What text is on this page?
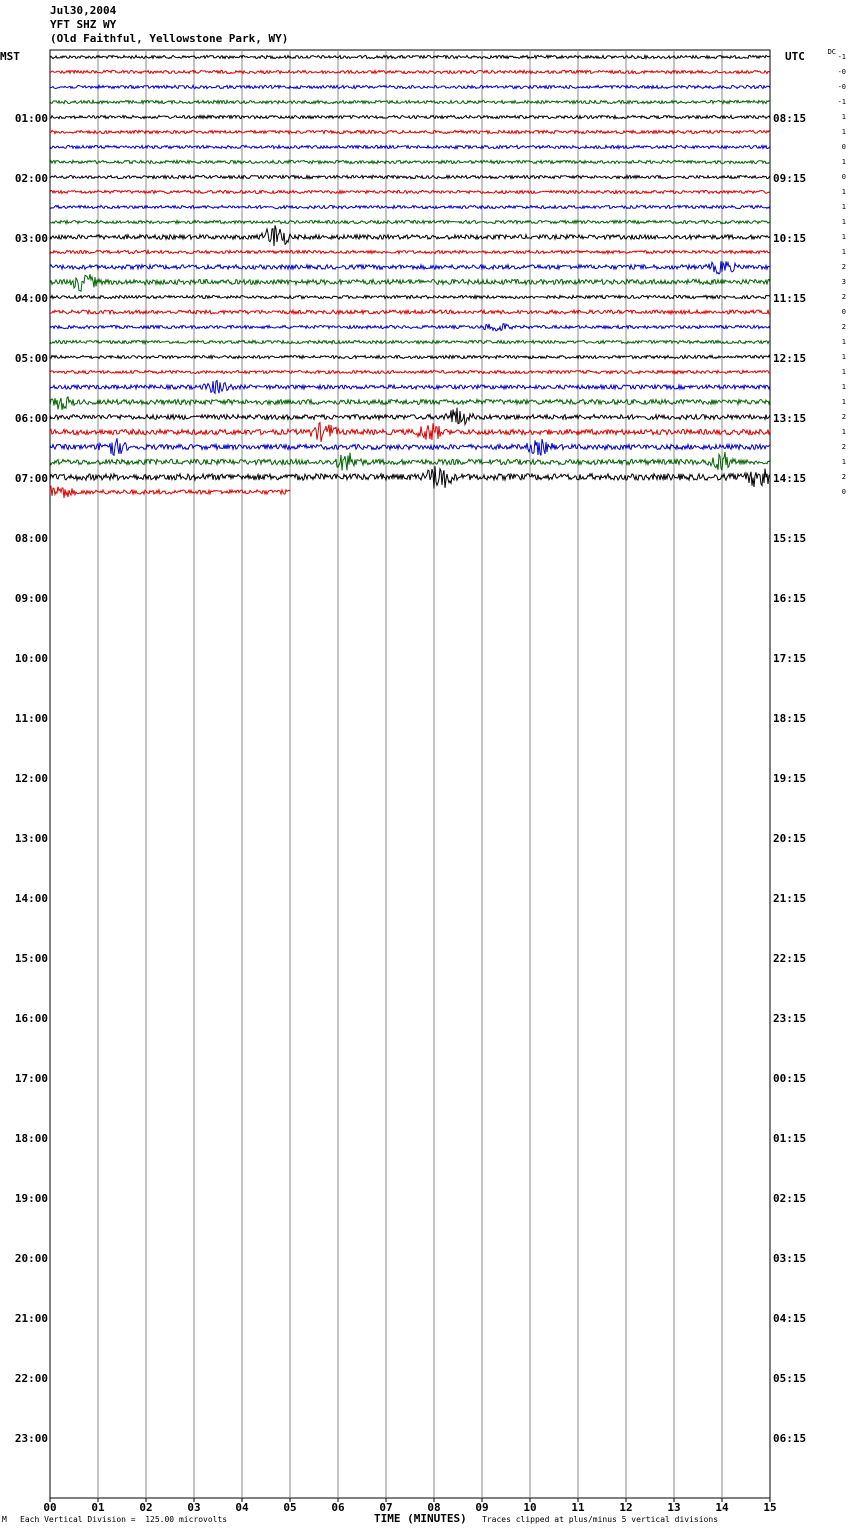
Jul30,2004
YFT SHZ WY
(Old Faithful, Yellowstone Park, WY)
MST	UTC	DC
01:00
02:00
03:00
04:00
05:00
06:00
07:00
08:00
09:00
10:00
11:00
12:00
13:00
14:00
15:00
16:00
17:00
18:00
19:00
20:00
21:00
22:00
23:00
08:15
09:15
10:15
11:15
12:15
13:15
14:15
15:15
16:15
17:15
18:15
19:15
20:15
21:15
22:15
23:15
00:15
01:15
02:15
03:15
04:15
05:15
06:15
-1
-0
-0
-1
1
1
0
1
0
1
1
1
1
1
2
3
2
0
2
1
1
1
1
1
2
1
2
1
2
0
00	01	02	03	04	05	06	07	08	09	10	11	12	13	14	15
M Each Vertical Division =  125.00 microvolts	TIME (MINUTES) Traces clipped at plus/minus 5 vertical divisions
